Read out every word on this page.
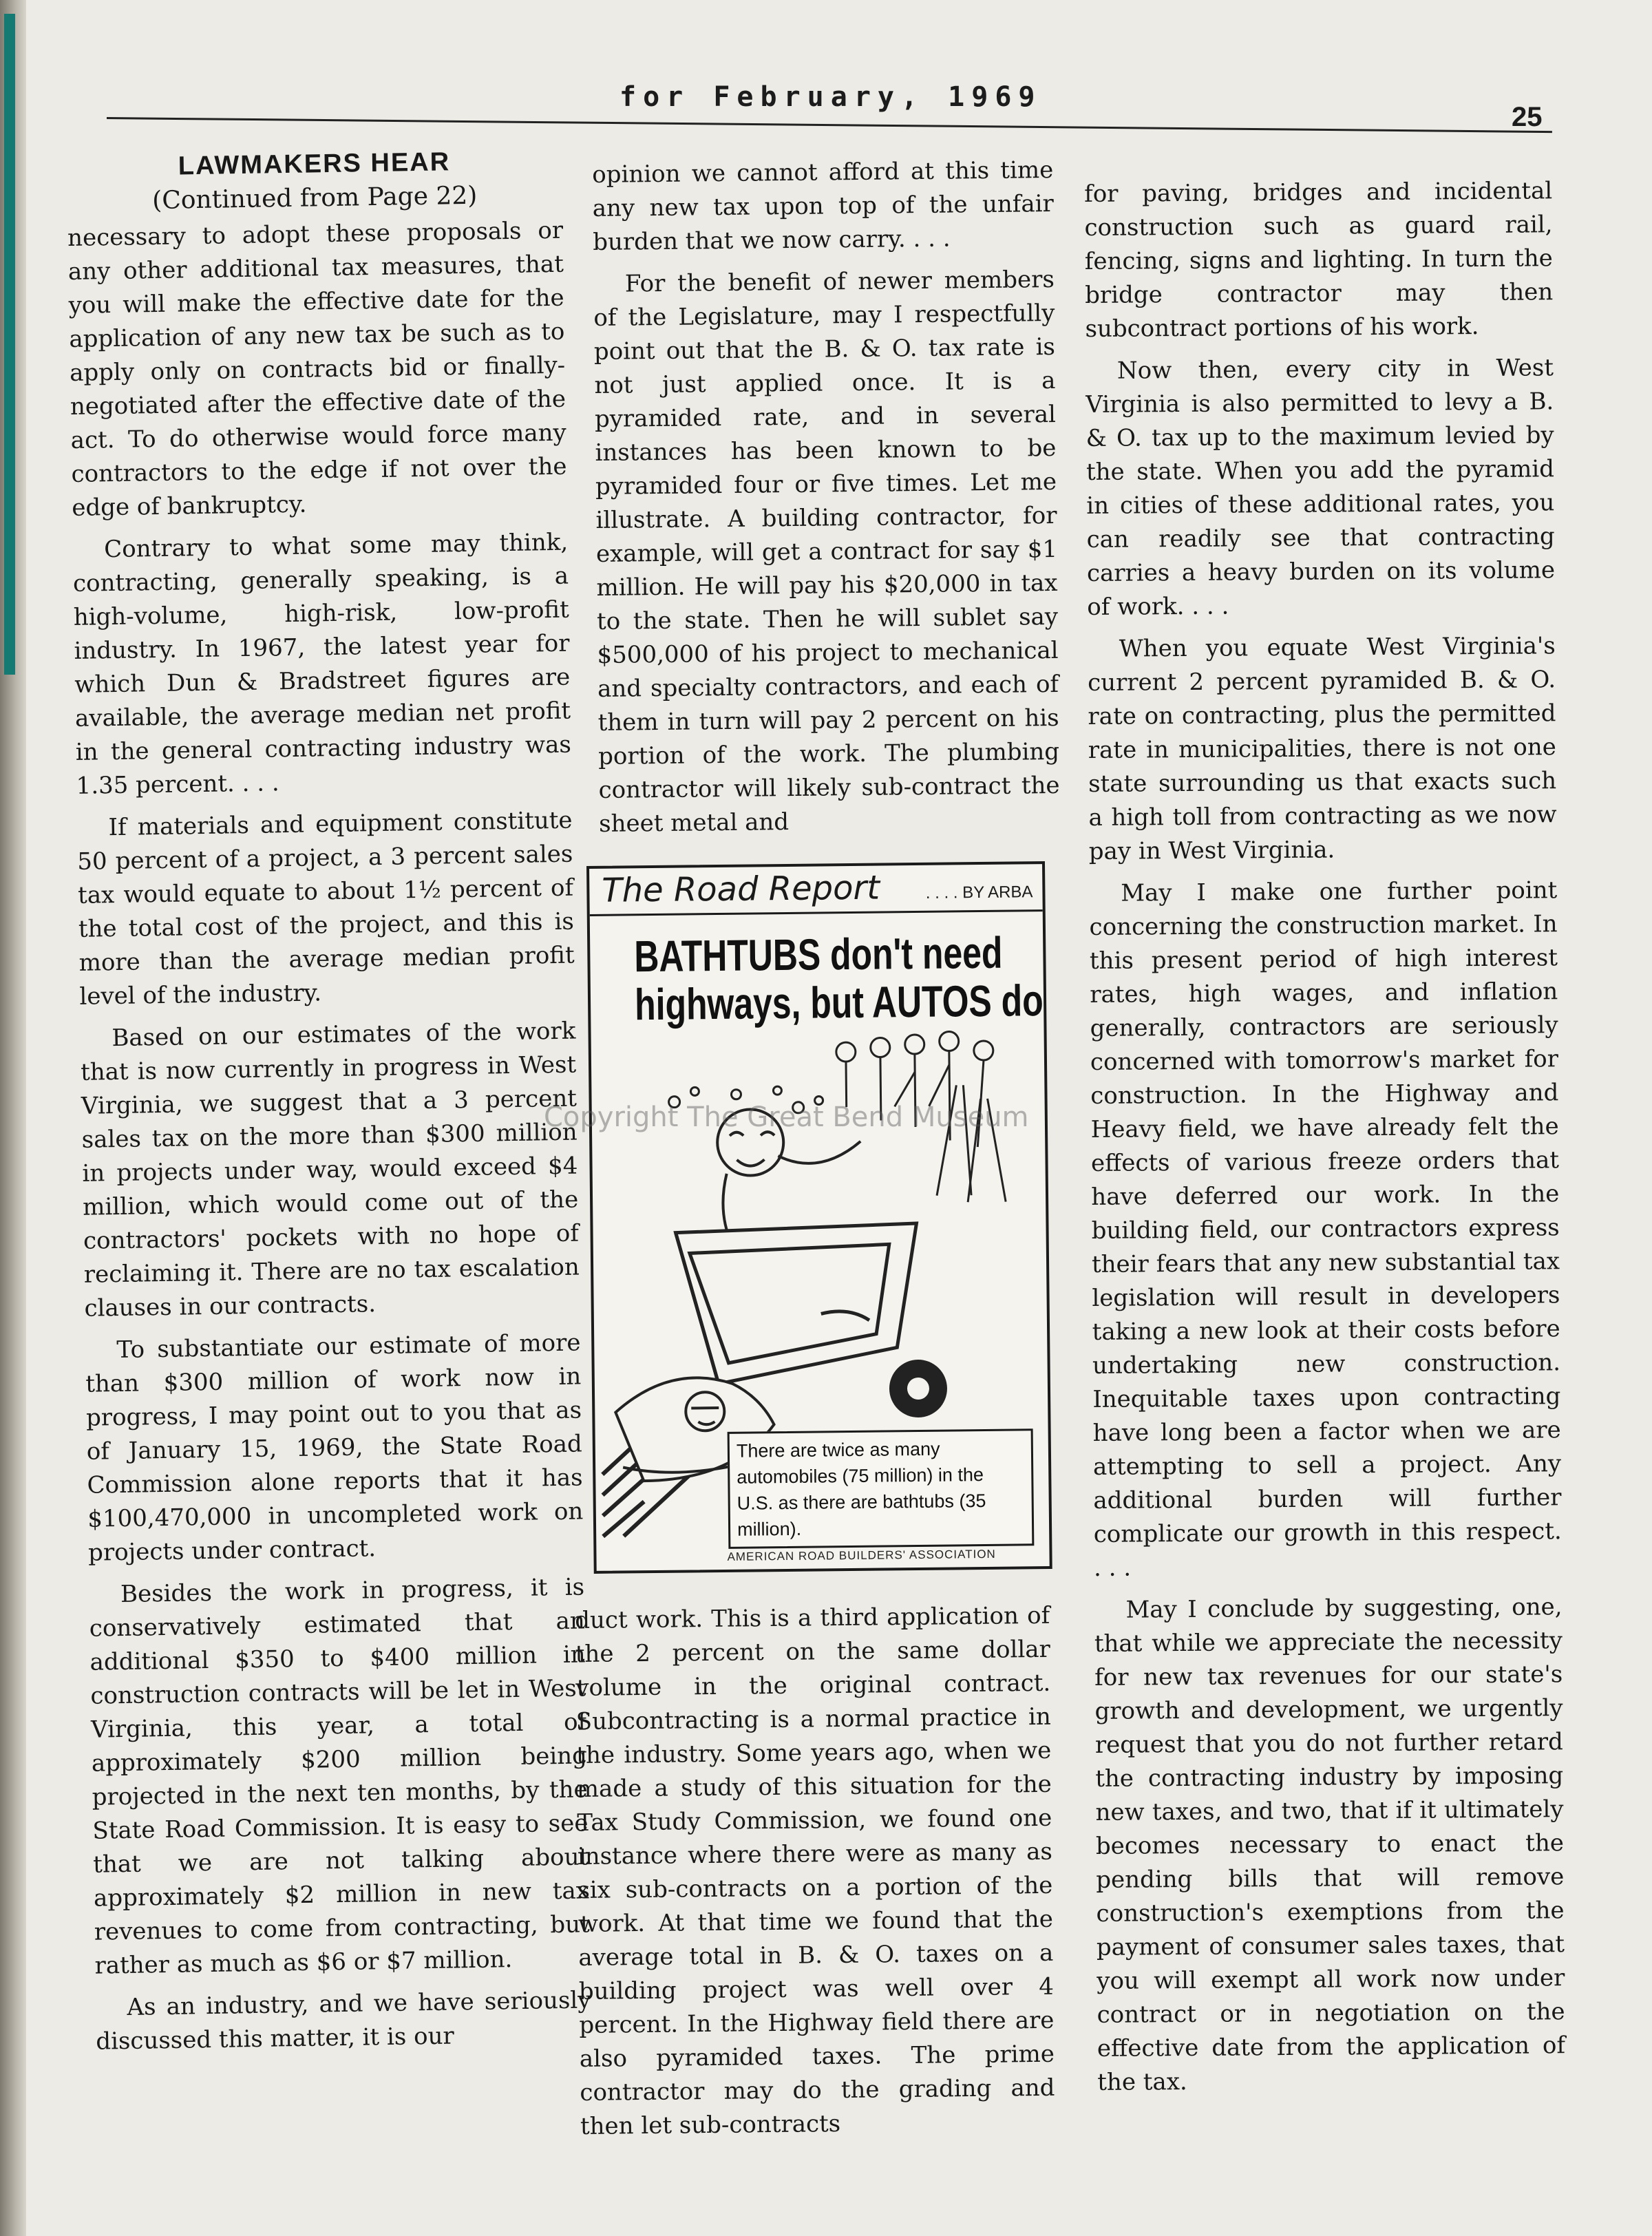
for February, 1969
25
LAWMAKERS HEAR
(Continued from Page 22)

necessary to adopt these proposals or any other additional tax measures, that you will make the effective date for the application of any new tax be such as to apply only on contracts bid or finally-negotiated after the effective date of the act. To do otherwise would force many contractors to the edge if not over the edge of bankruptcy.

Contrary to what some may think, contracting, generally speaking, is a high-volume, high-risk, low-profit industry. In 1967, the latest year for which Dun & Bradstreet figures are available, the average median net profit in the general contracting industry was 1.35 percent. . . .

If materials and equipment constitute 50 percent of a project, a 3 percent sales tax would equate to about 1½ percent of the total cost of the project, and this is more than the average median profit level of the industry.

Based on our estimates of the work that is now currently in progress in West Virginia, we suggest that a 3 percent sales tax on the more than $300 million in projects under way, would exceed $4 million, which would come out of the contractors' pockets with no hope of reclaiming it. There are no tax escalation clauses in our contracts.

To substantiate our estimate of more than $300 million of work now in progress, I may point out to you that as of January 15, 1969, the State Road Commission alone reports that it has $100,470,000 in uncompleted work on projects under contract.

Besides the work in progress, it is conservatively estimated that an additional $350 to $400 million in construction contracts will be let in West Virginia, this year, a total of approximately $200 million being projected in the next ten months, by the State Road Commission. It is easy to see that we are not talking about approximately $2 million in new tax revenues to come from contracting, but rather as much as $6 or $7 million.

As an industry, and we have seriously discussed this matter, it is our

opinion we cannot afford at this time any new tax upon top of the unfair burden that we now carry. . . .

For the benefit of newer members of the Legislature, may I respectfully point out that the B. & O. tax rate is not just applied once. It is a pyramided rate, and in several instances has been known to be pyramided four or five times. Let me illustrate. A building contractor, for example, will get a contract for say $1 million. He will pay his $20,000 in tax to the state. Then he will sublet say $500,000 of his project to mechanical and specialty contractors, and each of them in turn will pay 2 percent on his portion of the work. The plumbing contractor will likely sub-contract the sheet metal and

The Road Report	. . . . BY ARBA
BATHTUBS don't need
highways, but AUTOS do
There are twice as many automobiles (75 million) in the U.S. as there are bathtubs (35 million).
AMERICAN ROAD BUILDERS' ASSOCIATION

duct work. This is a third application of the 2 percent on the same dollar volume in the original contract. Subcontracting is a normal practice in the industry. Some years ago, when we made a study of this situation for the Tax Study Commission, we found one instance where there were as many as six sub-contracts on a portion of the work. At that time we found that the average total in B. & O. taxes on a building project was well over 4 percent. In the Highway field there are also pyramided taxes. The prime contractor may do the grading and then let sub-contracts

for paving, bridges and incidental construction such as guard rail, fencing, signs and lighting. In turn the bridge contractor may then subcontract portions of his work.

Now then, every city in West Virginia is also permitted to levy a B. & O. tax up to the maximum levied by the state. When you add the pyramid in cities of these additional rates, you can readily see that contracting carries a heavy burden on its volume of work. . . .

When you equate West Virginia's current 2 percent pyramided B. & O. rate on contracting, plus the permitted rate in municipalities, there is not one state surrounding us that exacts such a high toll from contracting as we now pay in West Virginia.

May I make one further point concerning the construction market. In this present period of high interest rates, high wages, and inflation generally, contractors are seriously concerned with tomorrow's market for construction. In the Highway and Heavy field, we have already felt the effects of various freeze orders that have deferred our work. In the building field, our contractors express their fears that any new substantial tax legislation will result in developers taking a new look at their costs before undertaking new construction. Inequitable taxes upon contracting have long been a factor when we are attempting to sell a project. Any additional burden will further complicate our growth in this respect. . . .

May I conclude by suggesting, one, that while we appreciate the necessity for new tax revenues for our state's growth and development, we urgently request that you do not further retard the contracting industry by imposing new taxes, and two, that if it ultimately becomes necessary to enact the pending bills that will remove construction's exemptions from the payment of consumer sales taxes, that you will exempt all work now under contract or in negotiation on the effective date from the application of the tax.

Copyright The Great Bend Museum
